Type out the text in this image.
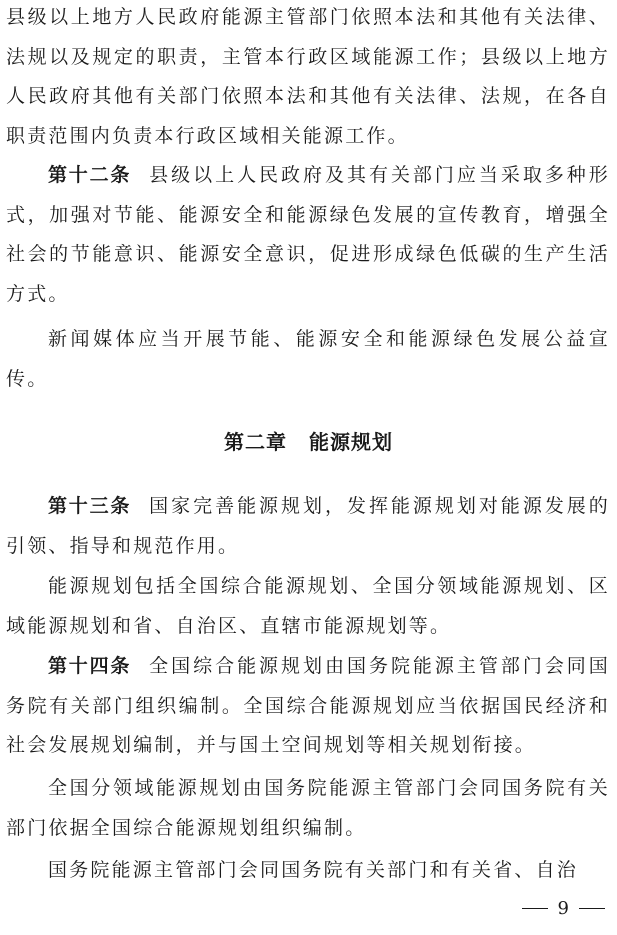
县级以上地方人民政府能源主管部门依照本法和其他有关法律、法规以及规定的职责，主管本行政区域能源工作；县级以上地方人民政府其他有关部门依照本法和其他有关法律、法规，在各自职责范围内负责本行政区域相关能源工作。

第十二条 县级以上人民政府及其有关部门应当采取多种形式，加强对节能、能源安全和能源绿色发展的宣传教育，增强全社会的节能意识、能源安全意识，促进形成绿色低碳的生产生活方式。

新闻媒体应当开展节能、能源安全和能源绿色发展公益宣传。

第二章 能源规划

第十三条 国家完善能源规划，发挥能源规划对能源发展的引领、指导和规范作用。

能源规划包括全国综合能源规划、全国分领域能源规划、区域能源规划和省、自治区、直辖市能源规划等。

第十四条 全国综合能源规划由国务院能源主管部门会同国务院有关部门组织编制。全国综合能源规划应当依据国民经济和社会发展规划编制，并与国土空间规划等相关规划衔接。

全国分领域能源规划由国务院能源主管部门会同国务院有关部门依据全国综合能源规划组织编制。

国务院能源主管部门会同国务院有关部门和有关省、自治

9
